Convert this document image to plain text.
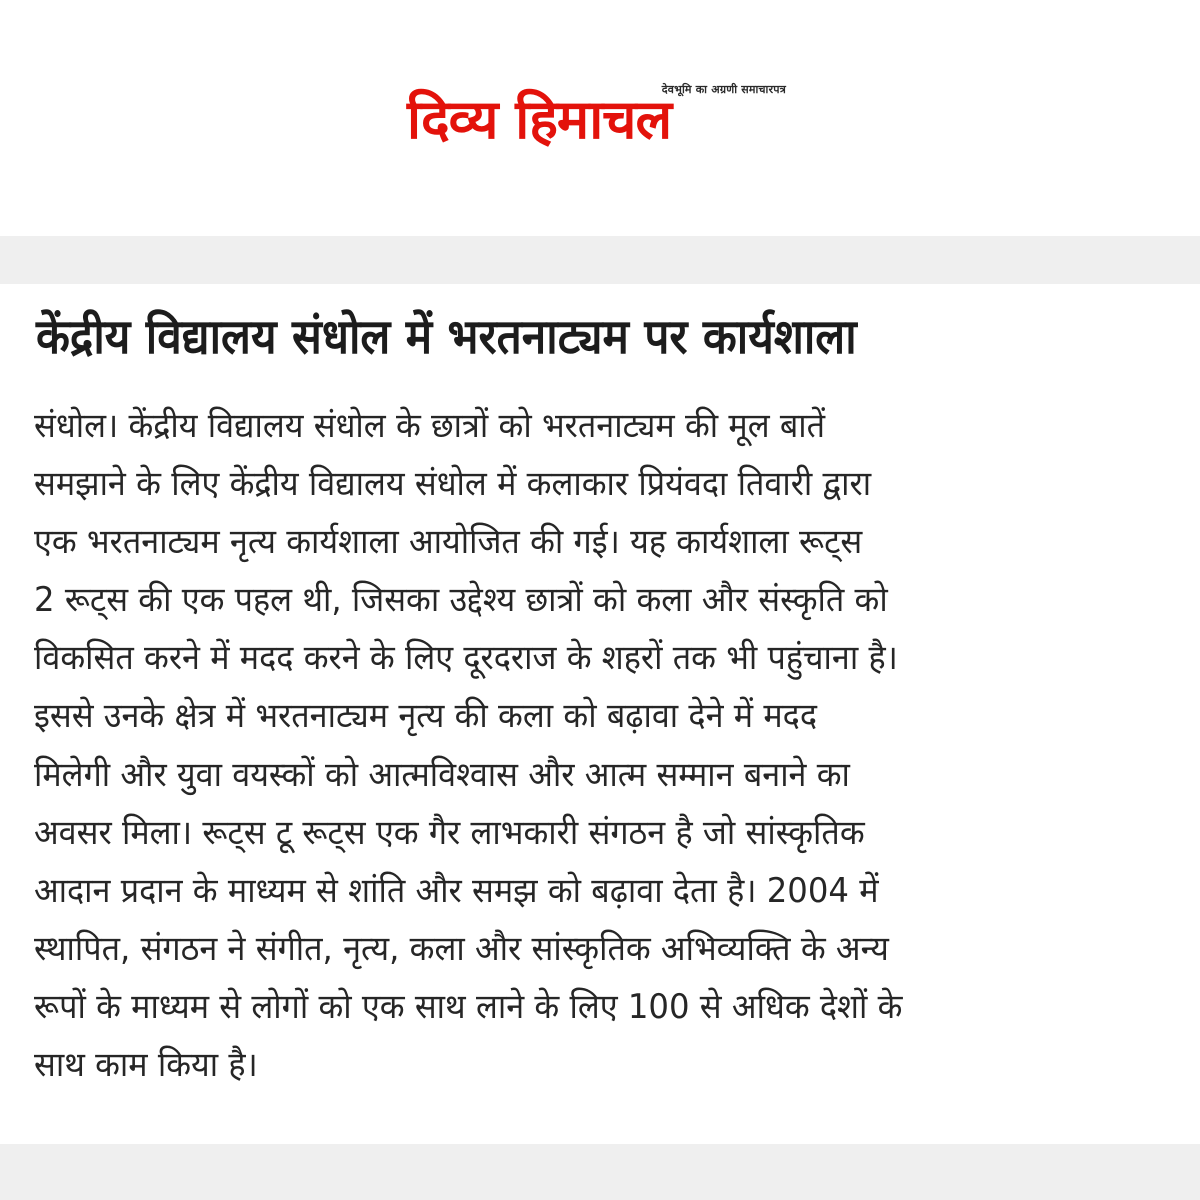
देवभूमि का अग्रणी समाचारपत्र
दिव्य हिमाचल
केंद्रीय विद्यालय संधोल में भरतनाट्यम पर कार्यशाला
संधोल। केंद्रीय विद्यालय संधोल के छात्रों को भरतनाट्यम की मूल बातें
समझाने के लिए केंद्रीय विद्यालय संधोल में कलाकार प्रियंवदा तिवारी द्वारा
एक भरतनाट्यम नृत्य कार्यशाला आयोजित की गई। यह कार्यशाला रूट्स
2 रूट्स की एक पहल थी, जिसका उद्देश्य छात्रों को कला और संस्कृति को
विकसित करने में मदद करने के लिए दूरदराज के शहरों तक भी पहुंचाना है।
इससे उनके क्षेत्र में भरतनाट्यम नृत्य की कला को बढ़ावा देने में मदद
मिलेगी और युवा वयस्कों को आत्मविश्वास और आत्म सम्मान बनाने का
अवसर मिला। रूट्स टू रूट्स एक गैर लाभकारी संगठन है जो सांस्कृतिक
आदान प्रदान के माध्यम से शांति और समझ को बढ़ावा देता है। 2004 में
स्थापित, संगठन ने संगीत, नृत्य, कला और सांस्कृतिक अभिव्यक्ति के अन्य
रूपों के माध्यम से लोगों को एक साथ लाने के लिए 100 से अधिक देशों के
साथ काम किया है।
